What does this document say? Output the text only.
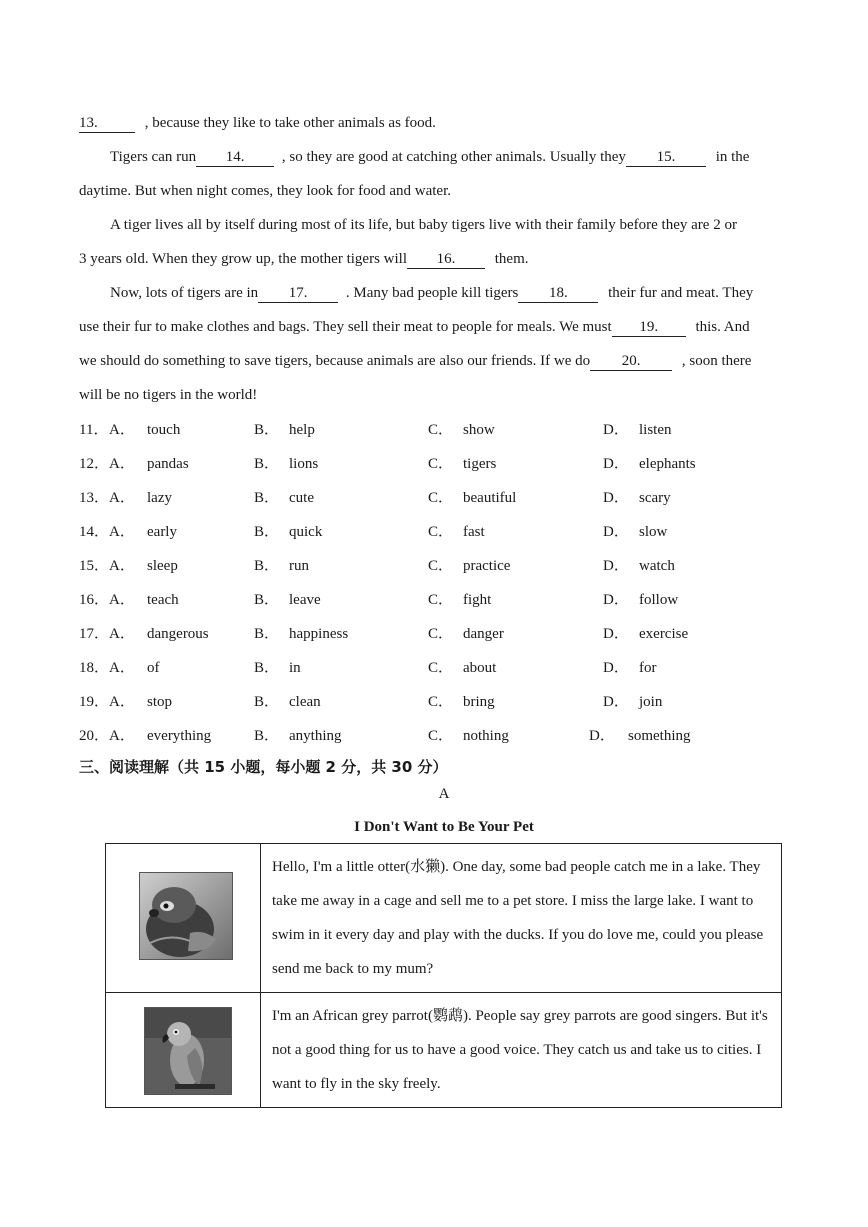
13.	, because they like to take other animals as food.
Tigers can run 14. , so they are good at catching other animals. Usually they 15.	in the
daytime. But when night comes, they look for food and water.
A tiger lives all by itself during most of its life, but baby tigers live with their family before they are 2 or
3 years old. When they grow up, the mother tigers will 16.	them.
Now, lots of tigers are in 17.	. Many bad people kill tigers 18.	their fur and meat. They
use their fur to make clothes and bags. They sell their meat to people for meals. We must 19. this. And
we should do something to save tigers, because animals are also our friends. If we do 20.	, soon there
will be no tigers in the world!
11． A． touch	B． help	C． show	D． listen
12． A． pandas	B． lions	C． tigers	D． elephants
13． A． lazy	B． cute	C． beautiful	D． scary
14． A． early	B． quick	C． fast	D． slow
15． A． sleep	B． run	C． practice	D． watch
16． A． teach	B． leave	C． fight	D． follow
17． A． dangerous	B． happiness	C． danger	D． exercise
18． A． of	B． in	C． about	D． for
19． A． stop	B． clean	C． bring	D． join
20． A． everything	B． anything	C． nothing	D． something
三、阅读理解（共 15 小题，每小题 2 分，共 30 分）
A
I Don't Want to Be Your Pet
	Hello, I'm a little otter(水獭). One day, some bad people catch me in a lake. They take me away in a cage and sell me to a pet store. I miss the large lake. I want to swim in it every day and play with the ducks. If you do love me, could you please send me back to my mum?

	I'm an African grey parrot(鹦鹉). People say grey parrots are good singers. But it's not a good thing for us to have a good voice. They catch us and take us to cities. I want to fly in the sky freely.
